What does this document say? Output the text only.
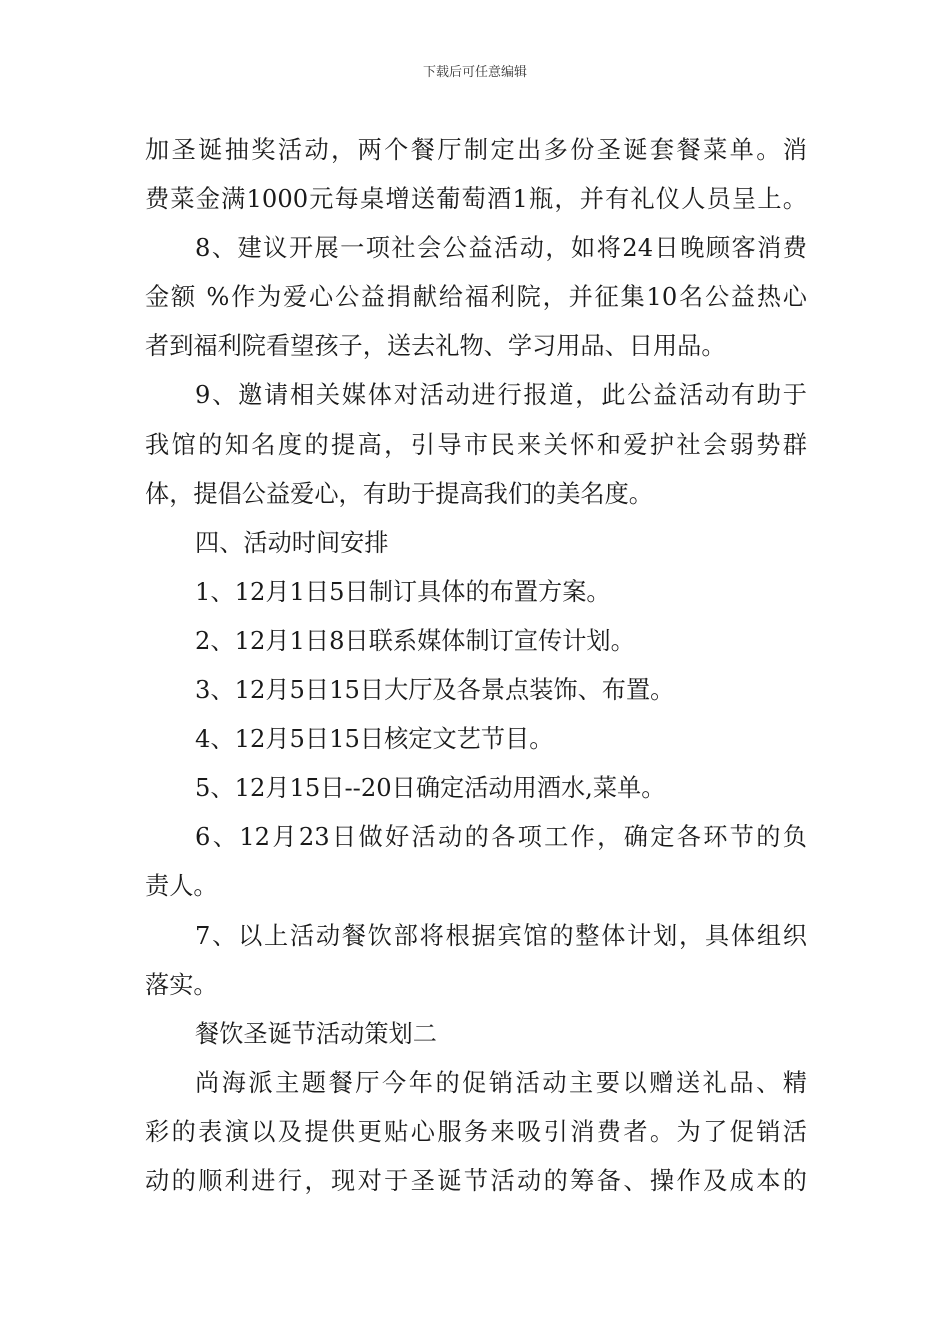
下载后可任意编辑
加圣诞抽奖活动，两个餐厅制定出多份圣诞套餐菜单。消
费菜金满1000元每桌增送葡萄酒1瓶，并有礼仪人员呈上。
8、建议开展一项社会公益活动，如将24日晚顾客消费
金额 %作为爱心公益捐献给福利院，并征集10名公益热心
者到福利院看望孩子，送去礼物、学习用品、日用品。
9、邀请相关媒体对活动进行报道，此公益活动有助于
我馆的知名度的提高，引导市民来关怀和爱护社会弱势群
体，提倡公益爱心，有助于提高我们的美名度。
四、活动时间安排
1、12月1日5日制订具体的布置方案。
2、12月1日8日联系媒体制订宣传计划。
3、12月5日15日大厅及各景点装饰、布置。
4、12月5日15日核定文艺节目。
5、12月15日--20日确定活动用酒水,菜单。
6、12月23日做好活动的各项工作，确定各环节的负
责人。
7、以上活动餐饮部将根据宾馆的整体计划，具体组织
落实。
餐饮圣诞节活动策划二
尚海派主题餐厅今年的促销活动主要以赠送礼品、精
彩的表演以及提供更贴心服务来吸引消费者。为了促销活
动的顺利进行，现对于圣诞节活动的筹备、操作及成本的
